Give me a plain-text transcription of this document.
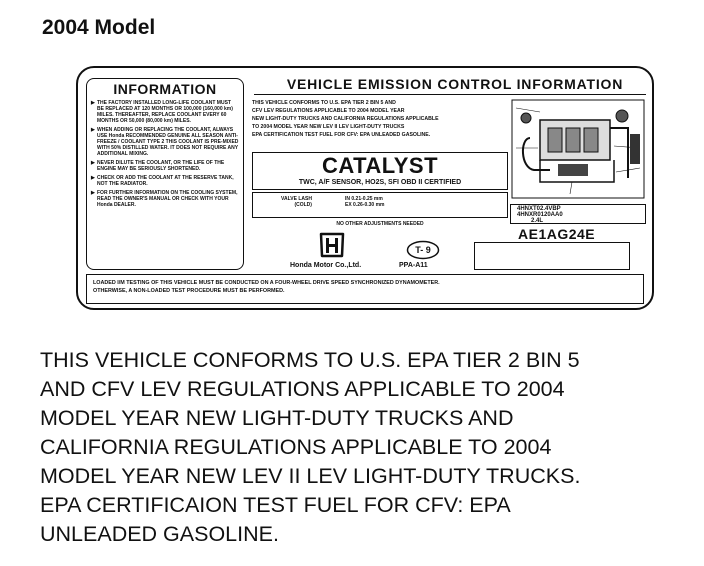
2004 Model
INFORMATION
▶ THE FACTORY INSTALLED LONG-LIFE COOLANT MUST BE REPLACED AT 120 MONTHS OR 100,000 (160,000 km) MILES. THEREAFTER, REPLACE COOLANT EVERY 60 MONTHS OR 50,000 (80,000 km) MILES.
▶ WHEN ADDING OR REPLACING THE COOLANT, ALWAYS USE Honda RECOMMENDED GENUINE ALL SEASON ANTI-FREEZE / COOLANT TYPE 2 THIS COOLANT IS PRE-MIXED WITH 50% DISTILLED WATER. IT DOES NOT REQUIRE ANY ADDITIONAL MIXING.
▶ NEVER DILUTE THE COOLANT, OR THE LIFE OF THE ENGINE MAY BE SERIOUSLY SHORTENED.
▶ CHECK OR ADD THE COOLANT AT THE RESERVE TANK, NOT THE RADIATOR.
▶ FOR FURTHER INFORMATION ON THE COOLING SYSTEM, READ THE OWNER'S MANUAL OR CHECK WITH YOUR Honda DEALER.
VEHICLE EMISSION CONTROL INFORMATION
THIS VEHICLE CONFORMS TO U.S. EPA TIER 2 BIN 5 AND
CFV LEV REGULATIONS APPLICABLE TO 2004 MODEL YEAR
NEW LIGHT-DUTY TRUCKS AND CALIFORNIA REGULATIONS APPLICABLE
TO 2004 MODEL YEAR NEW LEV II LEV LIGHT-DUTY TRUCKS
EPA CERTIFICATION TEST FUEL FOR CFV: EPA UNLEADED GASOLINE.
CATALYST
TWC, A/F SENSOR, HO2S, SFI OBD II CERTIFIED
VALVE LASH
(COLD)
IN 0.21-0.25 mm
EX 0.26-0.30 mm
NO OTHER ADJUSTMENTS NEEDED
4HNXT02.4VBP
4HNXR0120AA0
2.4L
AE1AG24E
Honda Motor Co.,Ltd.
T- 9
PPA-A11
LOADED I/M TESTING OF THIS VEHICLE MUST BE CONDUCTED ON A FOUR-WHEEL DRIVE SPEED SYNCHRONIZED DYNAMOMETER.
OTHERWISE, A NON-LOADED TEST PROCEDURE MUST BE PERFORMED.
THIS VEHICLE CONFORMS TO U.S. EPA TIER 2 BIN 5
AND CFV LEV REGULATIONS APPLICABLE TO 2004
MODEL YEAR NEW LIGHT-DUTY TRUCKS AND
CALIFORNIA REGULATIONS APPLICABLE TO 2004
MODEL YEAR NEW LEV II LEV LIGHT-DUTY TRUCKS.
EPA CERTIFICAION TEST FUEL FOR CFV: EPA
UNLEADED GASOLINE.
